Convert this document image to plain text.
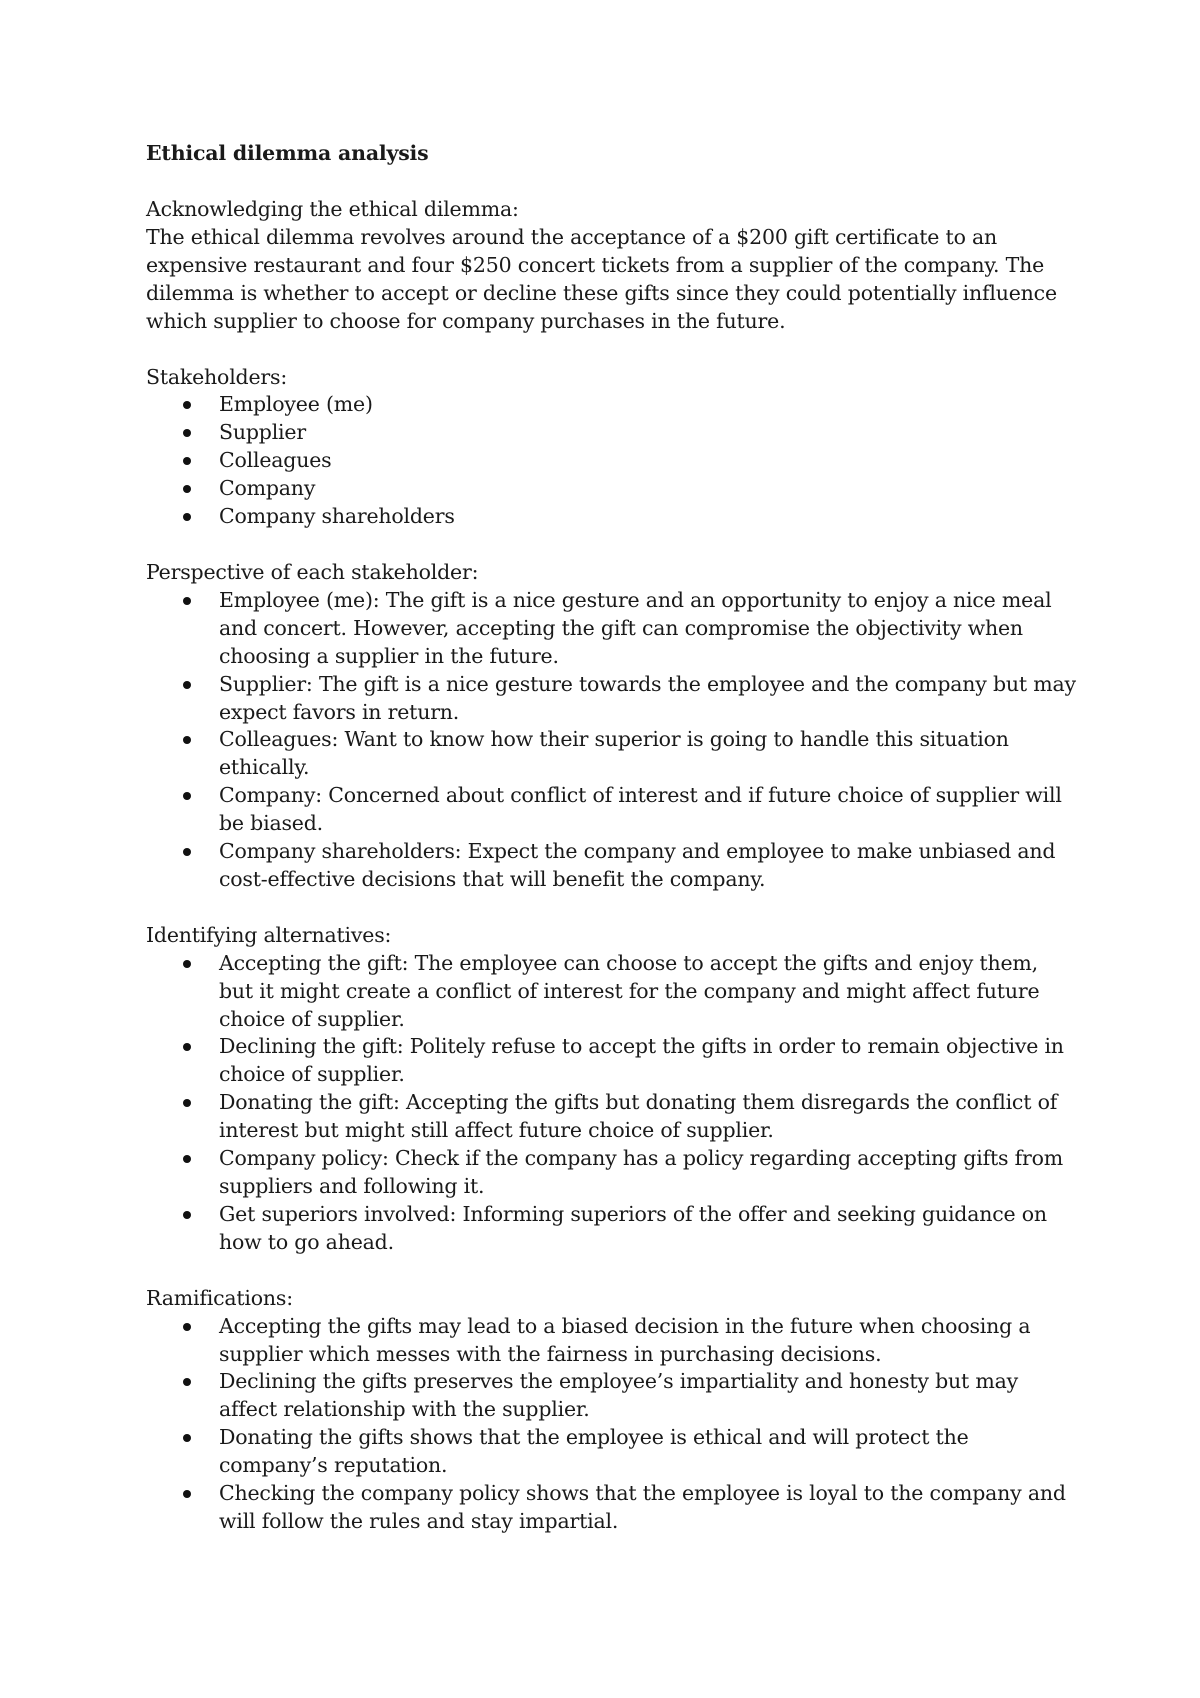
Ethical dilemma analysis

Acknowledging the ethical dilemma:

The ethical dilemma revolves around the acceptance of a $200 gift certificate to an expensive restaurant and four $250 concert tickets from a supplier of the company. The dilemma is whether to accept or decline these gifts since they could potentially influence which supplier to choose for company purchases in the future.

Stakeholders:

Employee (me)
Supplier
Colleagues
Company
Company shareholders

Perspective of each stakeholder:

Employee (me): The gift is a nice gesture and an opportunity to enjoy a nice meal and concert. However, accepting the gift can compromise the objectivity when choosing a supplier in the future.
Supplier: The gift is a nice gesture towards the employee and the company but may expect favors in return.
Colleagues: Want to know how their superior is going to handle this situation ethically.
Company: Concerned about conflict of interest and if future choice of supplier will be biased.
Company shareholders: Expect the company and employee to make unbiased and cost-effective decisions that will benefit the company.

Identifying alternatives:

Accepting the gift: The employee can choose to accept the gifts and enjoy them, but it might create a conflict of interest for the company and might affect future choice of supplier.
Declining the gift: Politely refuse to accept the gifts in order to remain objective in choice of supplier.
Donating the gift: Accepting the gifts but donating them disregards the conflict of interest but might still affect future choice of supplier.
Company policy: Check if the company has a policy regarding accepting gifts from suppliers and following it.
Get superiors involved: Informing superiors of the offer and seeking guidance on how to go ahead.

Ramifications:

Accepting the gifts may lead to a biased decision in the future when choosing a supplier which messes with the fairness in purchasing decisions.
Declining the gifts preserves the employee’s impartiality and honesty but may affect relationship with the supplier.
Donating the gifts shows that the employee is ethical and will protect the company’s reputation.
Checking the company policy shows that the employee is loyal to the company and will follow the rules and stay impartial.
